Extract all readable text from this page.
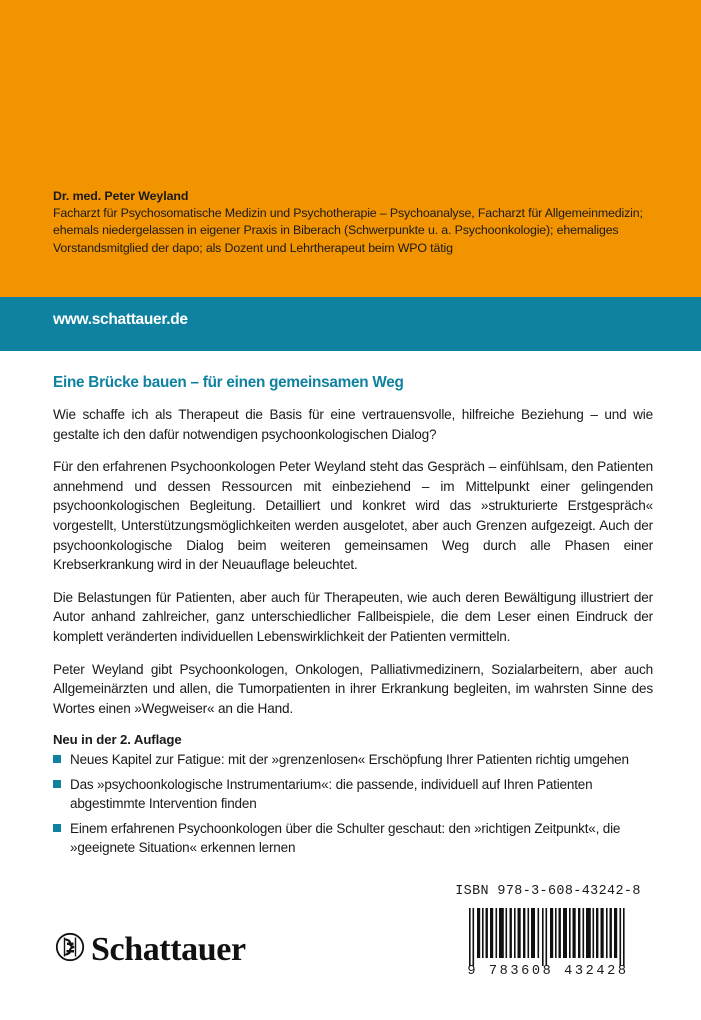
Dr. med. Peter Weyland
Facharzt für Psychosomatische Medizin und Psychotherapie – Psychoanalyse, Facharzt für Allgemeinmedizin; ehemals niedergelassen in eigener Praxis in Biberach (Schwerpunkte u. a. Psychoonkologie); ehemaliges Vorstandsmitglied der dapo; als Dozent und Lehrtherapeut beim WPO tätig
www.schattauer.de
Eine Brücke bauen – für einen gemeinsamen Weg

Wie schaffe ich als Therapeut die Basis für eine vertrauensvolle, hilfreiche Beziehung – und wie gestalte ich den dafür notwendigen psychoonkologischen Dialog?

Für den erfahrenen Psychoonkologen Peter Weyland steht das Gespräch – einfühlsam, den Patienten annehmend und dessen Ressourcen mit einbeziehend – im Mittelpunkt einer gelingenden psychoonkologischen Begleitung. Detailliert und konkret wird das »strukturierte Erstgespräch« vorgestellt, Unterstützungsmöglichkeiten werden ausgelotet, aber auch Grenzen aufgezeigt. Auch der psychoonkologische Dialog beim weiteren gemeinsamen Weg durch alle Phasen einer Krebserkrankung wird in der Neuauflage beleuchtet.

Die Belastungen für Patienten, aber auch für Therapeuten, wie auch deren Bewältigung illustriert der Autor anhand zahlreicher, ganz unterschiedlicher Fallbeispiele, die dem Leser einen Eindruck der komplett veränderten individuellen Lebenswirklichkeit der Patienten vermitteln.

Peter Weyland gibt Psychoonkologen, Onkologen, Palliativmedizinern, Sozialarbeitern, aber auch Allgemeinärzten und allen, die Tumorpatienten in ihrer Erkrankung begleiten, im wahrsten Sinne des Wortes einen »Wegweiser« an die Hand.

Neu in der 2. Auflage
Neues Kapitel zur Fatigue: mit der »grenzenlosen« Erschöpfung Ihrer Patienten richtig umgehen
Das »psychoonkologische Instrumentarium«: die passende, individuell auf Ihren Patienten abgestimmte Intervention finden
Einem erfahrenen Psychoonkologen über die Schulter geschaut: den »richtigen Zeitpunkt«, die »geeignete Situation« erkennen lernen
Schattauer
ISBN 978-3-608-43242-8
9 783608 432428
